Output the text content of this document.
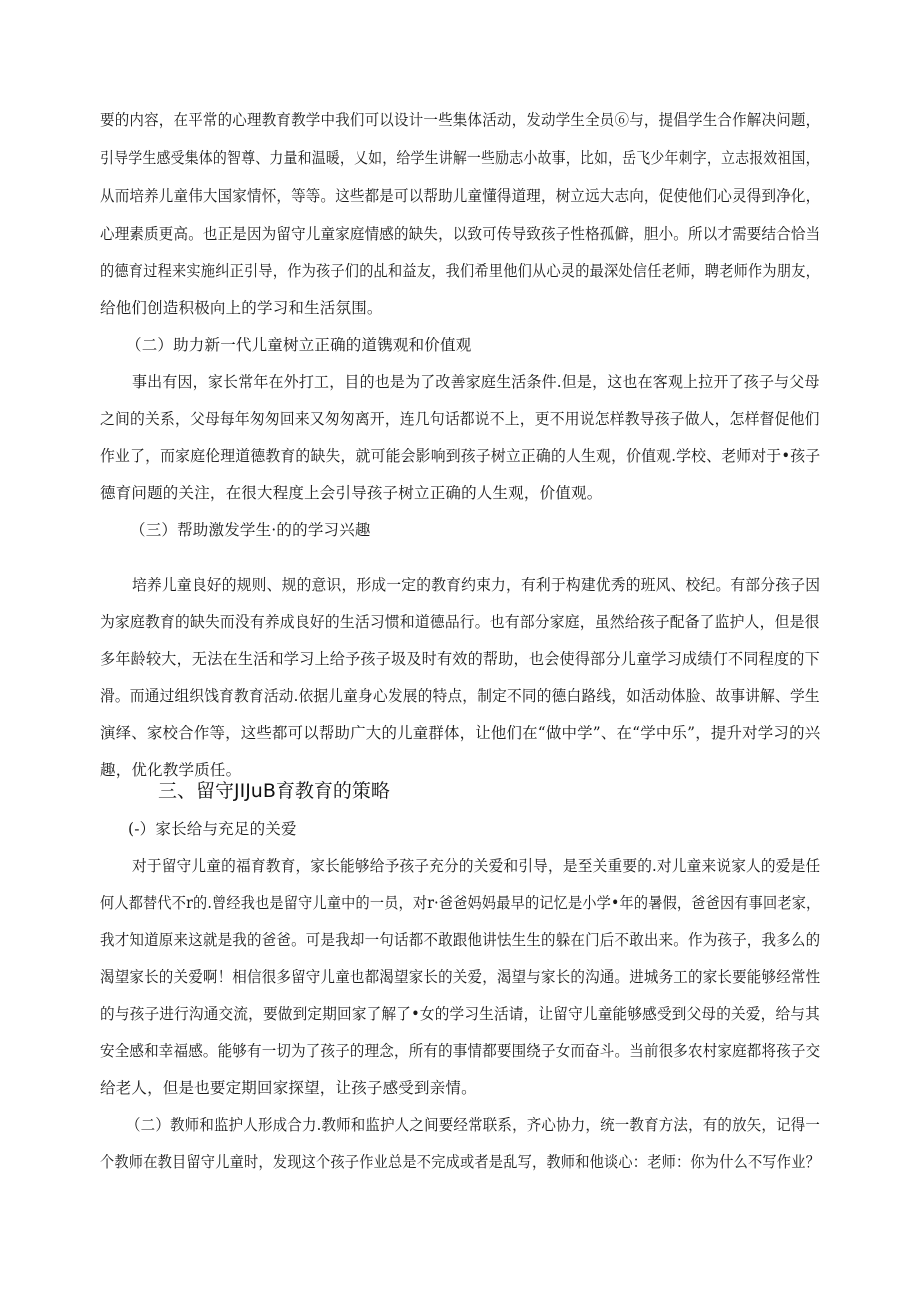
要的内容，在平常的心理教育教学中我们可以设计一些集体活动，发动学生全员⑥与，提倡学生合作解决问题，
引导学生感受集体的智尊、力量和温暖，乂如，给学生讲解一些励志小故事，比如，岳飞少年刺字，立志报效祖国，
从而培养儿童伟大国家情怀，等等。这些都是可以帮助儿童懂得道理，树立远大志向，促使他们心灵得到净化，
心理素质更高。也正是因为留守儿童家庭情感的缺失，以致可传导致孩子性格孤僻，胆小。所以才需要结合恰当
的德育过程来实施纠正引导，作为孩子们的乩和益友，我们希里他们从心灵的最深处信任老师，聘老师作为朋友，
给他们创造积极向上的学习和生活氛围。
（二）助力新一代儿童树立正确的道镌观和价值观
事出有因，家长常年在外打工，目的也是为了改善家庭生活条件.但是，这也在客观上拉开了孩子与父母
之间的关系，父母每年匆匆回来又匆匆离开，连几句话都说不上，更不用说怎样教导孩子做人，怎样督促他们
作业了，而家庭伦理道德教育的缺失，就可能会影响到孩子树立正确的人生观，价值观.学校、老师对于•孩子
德育问题的关注，在很大程度上会引导孩子树立正确的人生观，价值观。
（三）帮助激发学生·的的学习兴趣
培养儿童良好的规则、规的意识，形成一定的教育约束力，有利于构建优秀的班风、校纪。有部分孩子因
为家庭教育的缺失而没有养成良好的生活习惯和道德品行。也有部分家庭，虽然给孩子配备了监护人，但是很
多年龄较大，无法在生活和学习上给予孩子圾及时有效的帮助，也会使得部分儿童学习成绩仃不同程度的下
滑。而通过组织饯育教育活动.依据儿童身心发展的特点，制定不同的德白路线，如活动体脸、故事讲解、学生
演绎、家校合作等，这些都可以帮助广大的儿童群体，让他们在“做中学”、在“学中乐”，提升对学习的兴
趣，优化教学质任。
三、留守JIJuB育教育的策略
(-）家长给与充足的关爱
对于留守儿童的福育教育，家长能够给予孩子充分的关爱和引导，是至关重要的.对儿童来说家人的爱是任
何人都替代不r的.曾经我也是留守儿童中的一员，对r·爸爸妈妈最早的记忆是小学•年的暑假，爸爸因有事回老家，
我才知道原来这就是我的爸爸。可是我却一句话都不敢跟他讲怯生生的躲在门后不敢出来。作为孩子，我多么的
渴望家长的关爱啊！相信很多留守儿童也都渴望家长的关爱，渴望与家长的沟通。进城务工的家长要能够经常性
的与孩子进行沟通交流，要做到定期回家了解了•女的学习生活请，让留守儿童能够感受到父母的关爱，给与其
安全感和幸福感。能够有一切为了孩子的理念，所有的事情都要围绕子女而奋斗。当前很多农村家庭都将孩子交
给老人，但是也要定期回家探望，让孩子感受到亲情。
（二）教师和监护人形成合力.教师和监护人之间要经常联系，齐心协力，统一教育方法，有的放矢，记得一
个教师在教目留守儿童时，发现这个孩子作业总是不完成或者是乱写，教师和他谈心：老师：你为什么不写作业？
